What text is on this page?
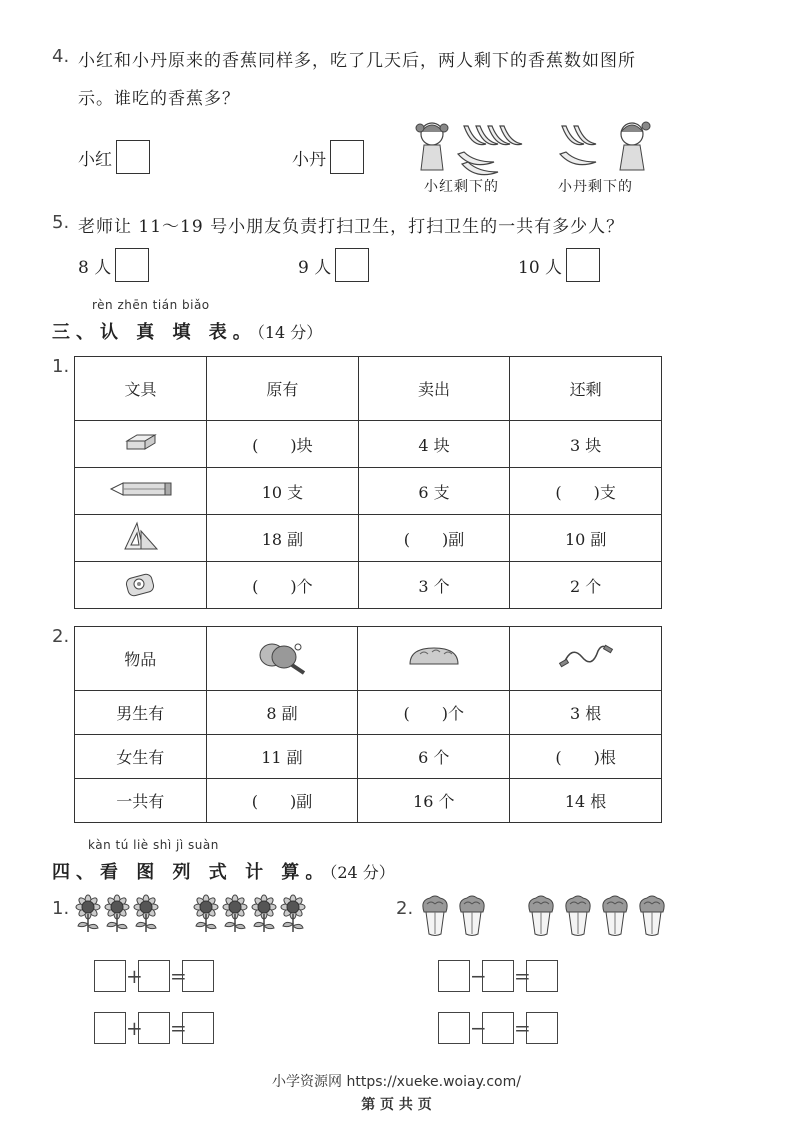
4. 小红和小丹原来的香蕉同样多，吃了几天后，两人剩下的香蕉数如图所
示。谁吃的香蕉多？
小红	小丹
小红剩下的	小丹剩下的
5. 老师让 11～19 号小朋友负责打扫卫生，打扫卫生的一共有多少人？
8 人	9 人	10 人
rèn zhēn tián biǎo
三、认 真 填 表。（14 分）
1.
文具	原有	卖出	还剩
	(　　)块	4 块	3 块
	10 支	6 支	(　　)支
	18 副	(　　)副	10 副
	(　　)个	3 个	2 个
2.
物品			
男生有	8 副	(　　)个	3 根
女生有	11 副	6 个	(　　)根
一共有	(　　)副	16 个	14 根
kàn tú liè shì jì suàn
四、看 图 列 式 计 算。（24 分）
1.
+ =
+ =
2.
− =
− =
小学资源网 https://xueke.woiay.com/
第 页 共 页
